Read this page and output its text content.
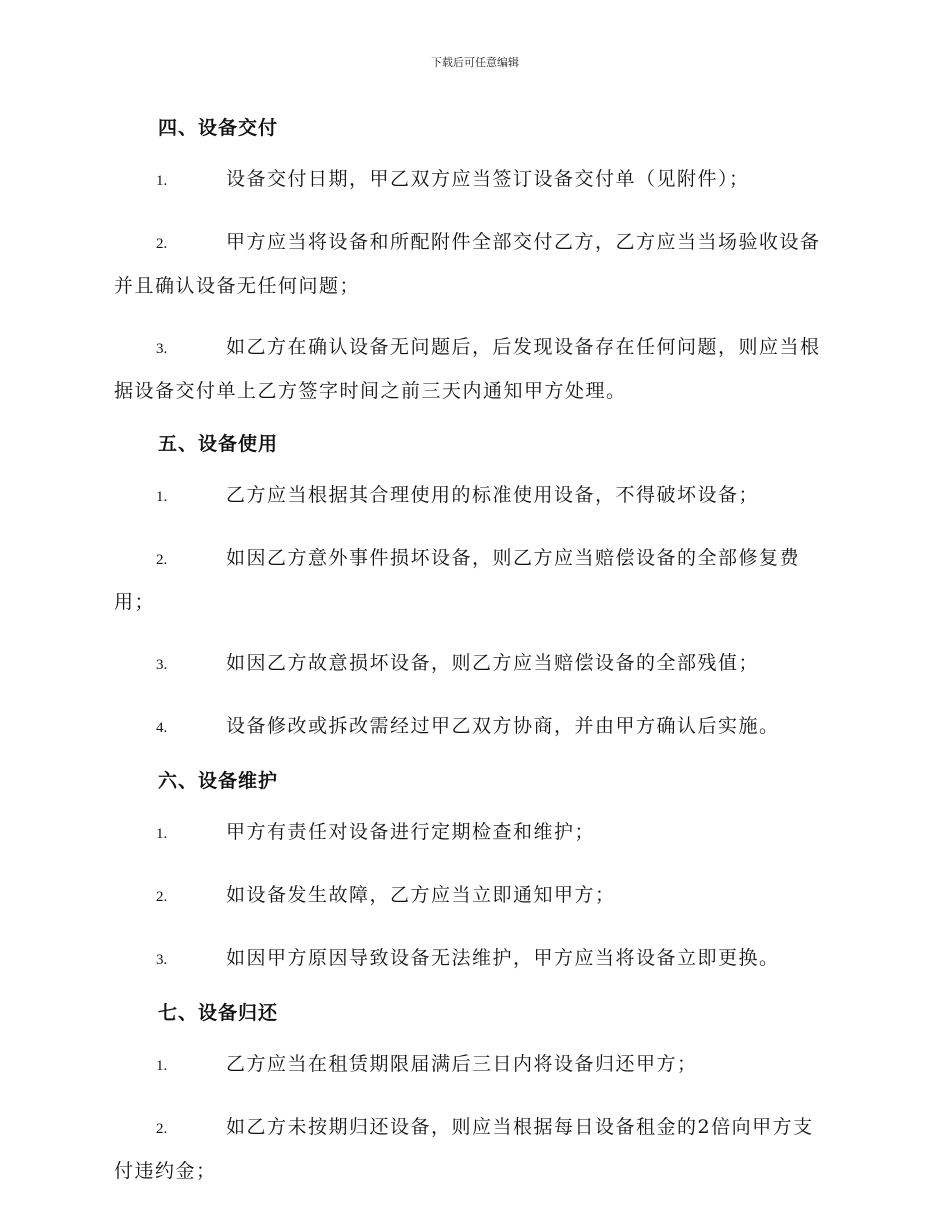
下载后可任意编辑
四、设备交付

1.	设备交付日期，甲乙双方应当签订设备交付单（见附件）；

2.	甲方应当将设备和所配附件全部交付乙方，乙方应当当场验收设备并且确认设备无任何问题；

3.	如乙方在确认设备无问题后，后发现设备存在任何问题，则应当根据设备交付单上乙方签字时间之前三天内通知甲方处理。

五、设备使用

1.	乙方应当根据其合理使用的标准使用设备，不得破坏设备；

2.	如因乙方意外事件损坏设备，则乙方应当赔偿设备的全部修复费用；

3.	如因乙方故意损坏设备，则乙方应当赔偿设备的全部残值；

4.	设备修改或拆改需经过甲乙双方协商，并由甲方确认后实施。

六、设备维护

1.	甲方有责任对设备进行定期检查和维护；

2.	如设备发生故障，乙方应当立即通知甲方；

3.	如因甲方原因导致设备无法维护，甲方应当将设备立即更换。

七、设备归还

1.	乙方应当在租赁期限届满后三日内将设备归还甲方；

2.	如乙方未按期归还设备，则应当根据每日设备租金的2倍向甲方支付违约金；
